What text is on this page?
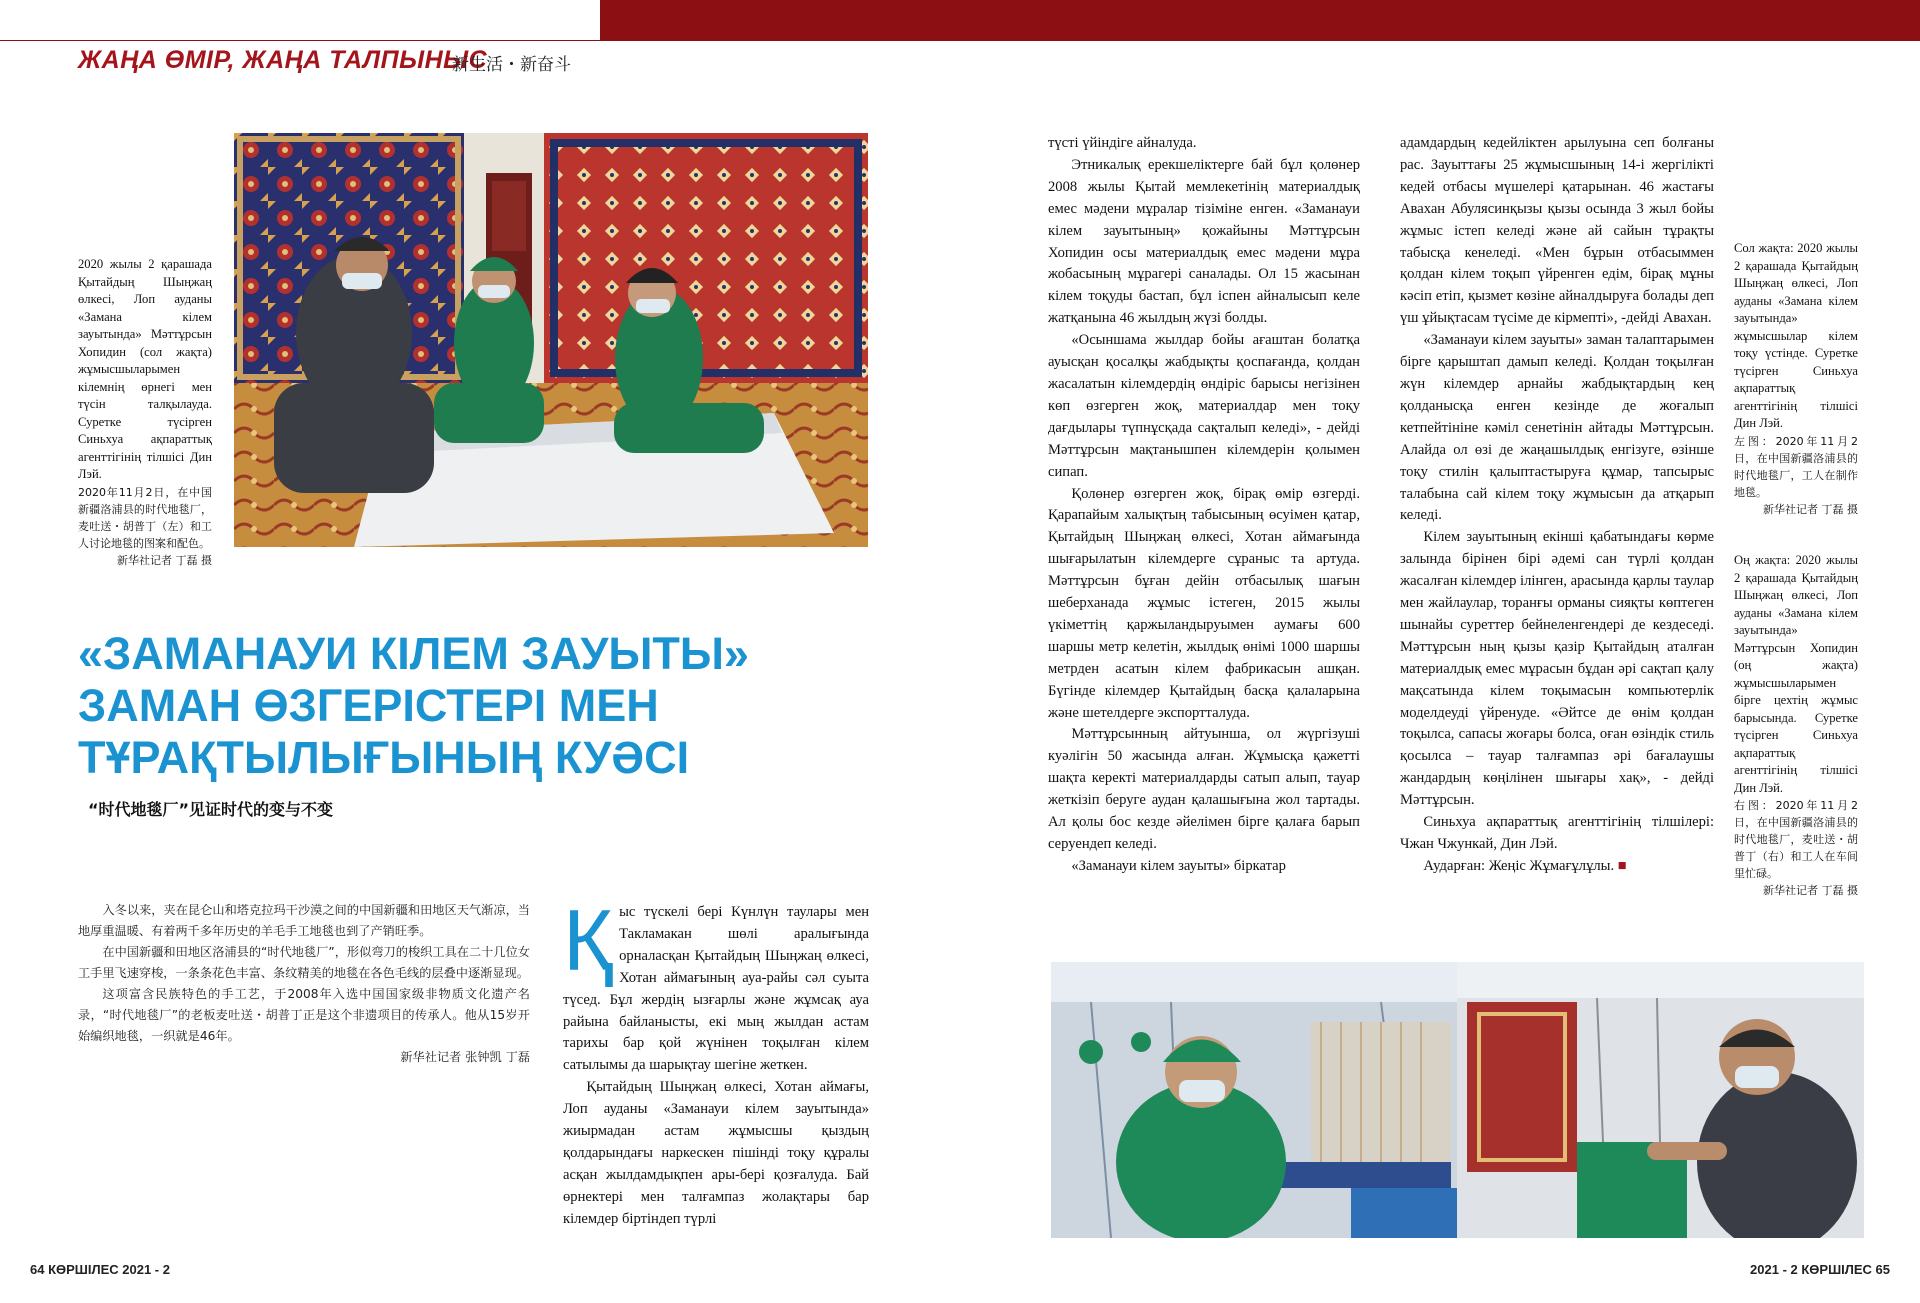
ЖАҢА ӨМІР, ЖАҢА ТАЛПЫНЫС
新生活・新奋斗
2020 жылы 2 қарашада Қытайдың Шыңжаң өлкесі, Лоп ауданы «Замана кілем зауытында» Мәттұрсын Хопидин (сол жақта) жұмысшыларымен кілемнің өрнегі мен түсін талқылауда. Суретке түсірген Синьхуа ақпараттық агенттігінің тілшісі Дин Лэй.
2020年11月2日，在中国新疆洛浦县的时代地毯厂，麦吐送・胡普丁（左）和工人讨论地毯的图案和配色。
新华社记者 丁磊 摄
«ЗАМАНАУИ КІЛЕМ ЗАУЫТЫ» ЗАМАН ӨЗГЕРІСТЕРІ МЕН ТҰРАҚТЫЛЫҒЫНЫҢ КУӘСІ
“时代地毯厂”见证时代的变与不变

入冬以来，夹在昆仑山和塔克拉玛干沙漠之间的中国新疆和田地区天气渐凉，当地厚重温暖、有着两千多年历史的羊毛手工地毯也到了产销旺季。

在中国新疆和田地区洛浦县的“时代地毯厂”，形似弯刀的梭织工具在二十几位女工手里飞速穿梭，一条条花色丰富、条纹精美的地毯在各色毛线的层叠中逐渐显现。

这项富含民族特色的手工艺，于2008年入选中国国家级非物质文化遗产名录，“时代地毯厂”的老板麦吐送・胡普丁正是这个非遗项目的传承人。他从15岁开始编织地毯，一织就是46年。

新华社记者 张钟凯 丁磊

Қ ыс түскелі бері Күнлүн таулары мен Такламакан шөлі аралығында орналасқан Қытайдың Шыңжаң өлкесі, Хотан аймағының ауа-райы сәл суыта түсед. Бұл жердің ызғарлы және жұмсақ ауа райына байланысты, екі мың жылдан астам тарихы бар қой жүнінен тоқылған кілем сатылымы да шарықтау шегіне жеткен.

Қытайдың Шыңжаң өлкесі, Хотан аймағы, Лоп ауданы «Заманауи кілем зауытында» жиырмадан астам жұмысшы қыздың қолдарындағы наркескен пішінді тоқу құралы асқан жылдамдықпен ары-бері қозғалуда. Бай өрнектері мен талғампаз жолақтары бар кілемдер біртіндеп түрлі

түсті үйіндіге айналуда.

Этникалық ерекшеліктерге бай бұл қолөнер 2008 жылы Қытай мемлекетінің материалдық емес мәдени мұралар тізіміне енген. «Заманауи кілем зауытының» қожайыны Мәттұрсын Хопидин осы материалдық емес мәдени мұра жобасының мұрагері саналады. Ол 15 жасынан кілем тоқуды бастап, бұл іспен айналысып келе жатқанына 46 жылдың жүзі болды.

«Осыншама жылдар бойы ағаштан болатқа ауысқан қосалқы жабдықты қоспағанда, қолдан жасалатын кілемдердің өндіріс барысы негізінен көп өзгерген жоқ, материалдар мен тоқу дағдылары түпнұсқада сақталып келеді», - дейді Мәттұрсын мақтанышпен кілемдерін қолымен сипап.

Қолөнер өзгерген жоқ, бірақ өмір өзгерді. Қарапайым халықтың табысының өсуімен қатар, Қытайдың Шыңжаң өлкесі, Хотан аймағында шығарылатын кілемдерге сұраныс та артуда. Мәттұрсын бұған дейін отбасылық шағын шеберханада жұмыс істеген, 2015 жылы үкіметтің қаржыландыруымен аумағы 600 шаршы метр келетін, жылдық өнімі 1000 шаршы метрден асатын кілем фабрикасын ашқан. Бүгінде кілемдер Қытайдың басқа қалаларына және шетелдерге экспортталуда.

Мәттұрсынның айтуынша, ол жүргізуші куәлігін 50 жасында алған. Жұмысқа қажетті шақта керекті материалдарды сатып алып, тауар жеткізіп беруге аудан қалашығына жол тартады. Ал қолы бос кезде әйелімен бірге қалаға барып серуендеп келеді.

«Заманауи кілем зауыты» біркатар

адамдардың кедейліктен арылуына сеп болғаны рас. Зауыттағы 25 жұмысшының 14-і жергілікті кедей отбасы мүшелері қатарынан. 46 жастағы Авахан Абулясинқызы қызы осында 3 жыл бойы жұмыс істеп келеді және ай сайын тұрақты табысқа кенеледі. «Мен бұрын отбасыммен қолдан кілем тоқып үйренген едім, бірақ мұны кәсіп етіп, қызмет көзіне айналдыруға болады деп үш ұйықтасам түсіме де кірмепті», -дейді Авахан.

«Заманауи кілем зауыты» заман талаптарымен бірге қарыштап дамып келеді. Қолдан тоқылған жүн кілемдер арнайы жабдықтардың кең қолданысқа енген кезінде де жоғалып кетпейтініне кәміл сенетінін айтады Мәттұрсын. Алайда ол өзі де жаңашылдық енгізуге, өзінше тоқу стилін қалыптастыруға құмар, тапсырыс талабына сай кілем тоқу жұмысын да атқарып келеді.

Кілем зауытының екінші қабатындағы көрме залында бірінен бірі әдемі сан түрлі қолдан жасалған кілемдер ілінген, арасында қарлы таулар мен жайлаулар, торанғы орманы сияқты көптеген шынайы суреттер бейнеленгендері де кездеседі. Мәттұрсын ның қызы қазір Қытайдың аталған материалдық емес мұрасын бұдан әрі сақтап қалу мақсатында кілем тоқымасын компьютерлік моделдеуді үйренуде. «Әйтсе де өнім қолдан тоқылса, сапасы жоғары болса, оған өзіндік стиль қосылса – тауар талғампаз әрі бағалаушы жандардың көңілінен шығары хақ», - дейді Мәттұрсын.

Синьхуа ақпараттық агенттігінің тілшілері: Чжан Чжункай, Дин Лэй.

Аударған: Жеңіс Жұмағұлұлы. ■

Сол жақта: 2020 жылы 2 қарашада Қытайдың Шыңжаң өлкесі, Лоп ауданы «Замана кілем зауытында» жұмысшылар кілем тоқу үстінде. Суретке түсірген Синьхуа ақпараттық агенттігінің тілшісі Дин Лэй.
左图：2020年11月2日，在中国新疆洛浦县的时代地毯厂，工人在制作地毯。
新华社记者 丁磊 摄
Оң жақта: 2020 жылы 2 қарашада Қытайдың Шыңжаң өлкесі, Лоп ауданы «Замана кілем зауытында» Мәттұрсын Хопидин (оң жақта) жұмысшыларымен бірге цехтің жұмыс барысында. Суретке түсірген Синьхуа ақпараттық агенттігінің тілшісі Дин Лэй.
右图：2020年11月2日，在中国新疆洛浦县的时代地毯厂，麦吐送・胡普丁（右）和工人在车间里忙碌。
新华社记者 丁磊 摄
64 КӨРШІЛЕС 2021 - 2	2021 - 2 КӨРШІЛЕС 65
